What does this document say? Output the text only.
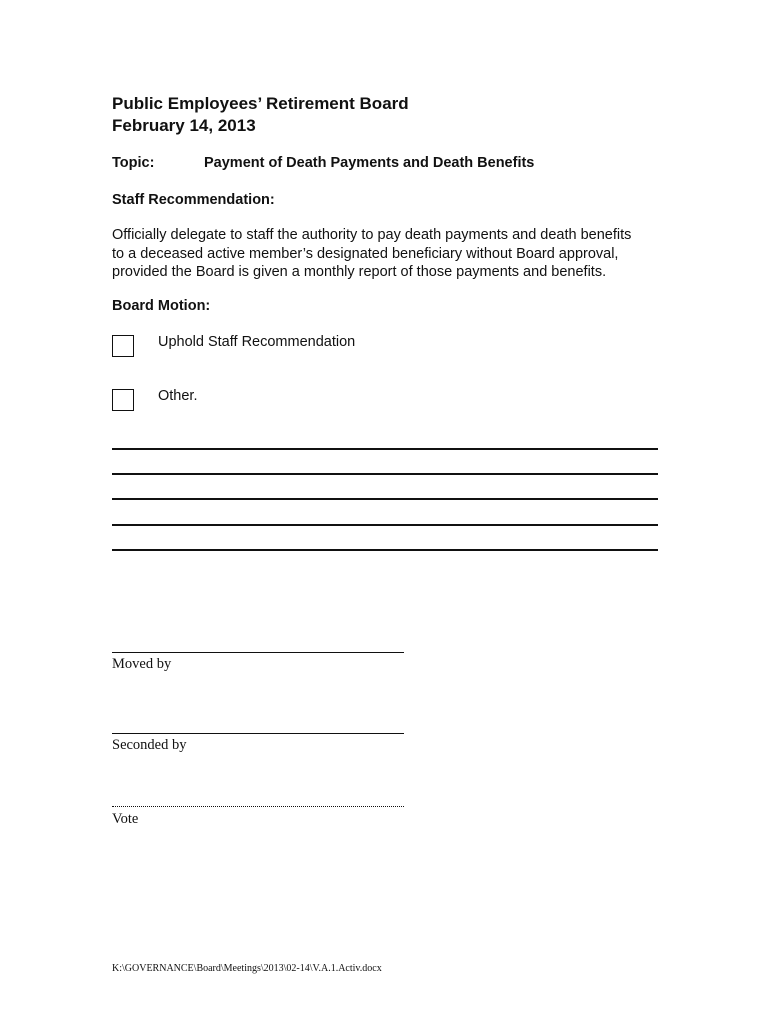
Public Employees’ Retirement Board
February 14, 2013
Topic:	Payment of Death Payments and Death Benefits
Staff Recommendation:
Officially delegate to staff the authority to pay death payments and death benefits
to a deceased active member’s designated beneficiary without Board approval,
provided the Board is given a monthly report of those payments and benefits.
Board Motion:
Uphold Staff Recommendation
Other.
Moved by
Seconded by
Vote
K:\GOVERNANCE\Board\Meetings\2013\02-14\V.A.1.Activ.docx
